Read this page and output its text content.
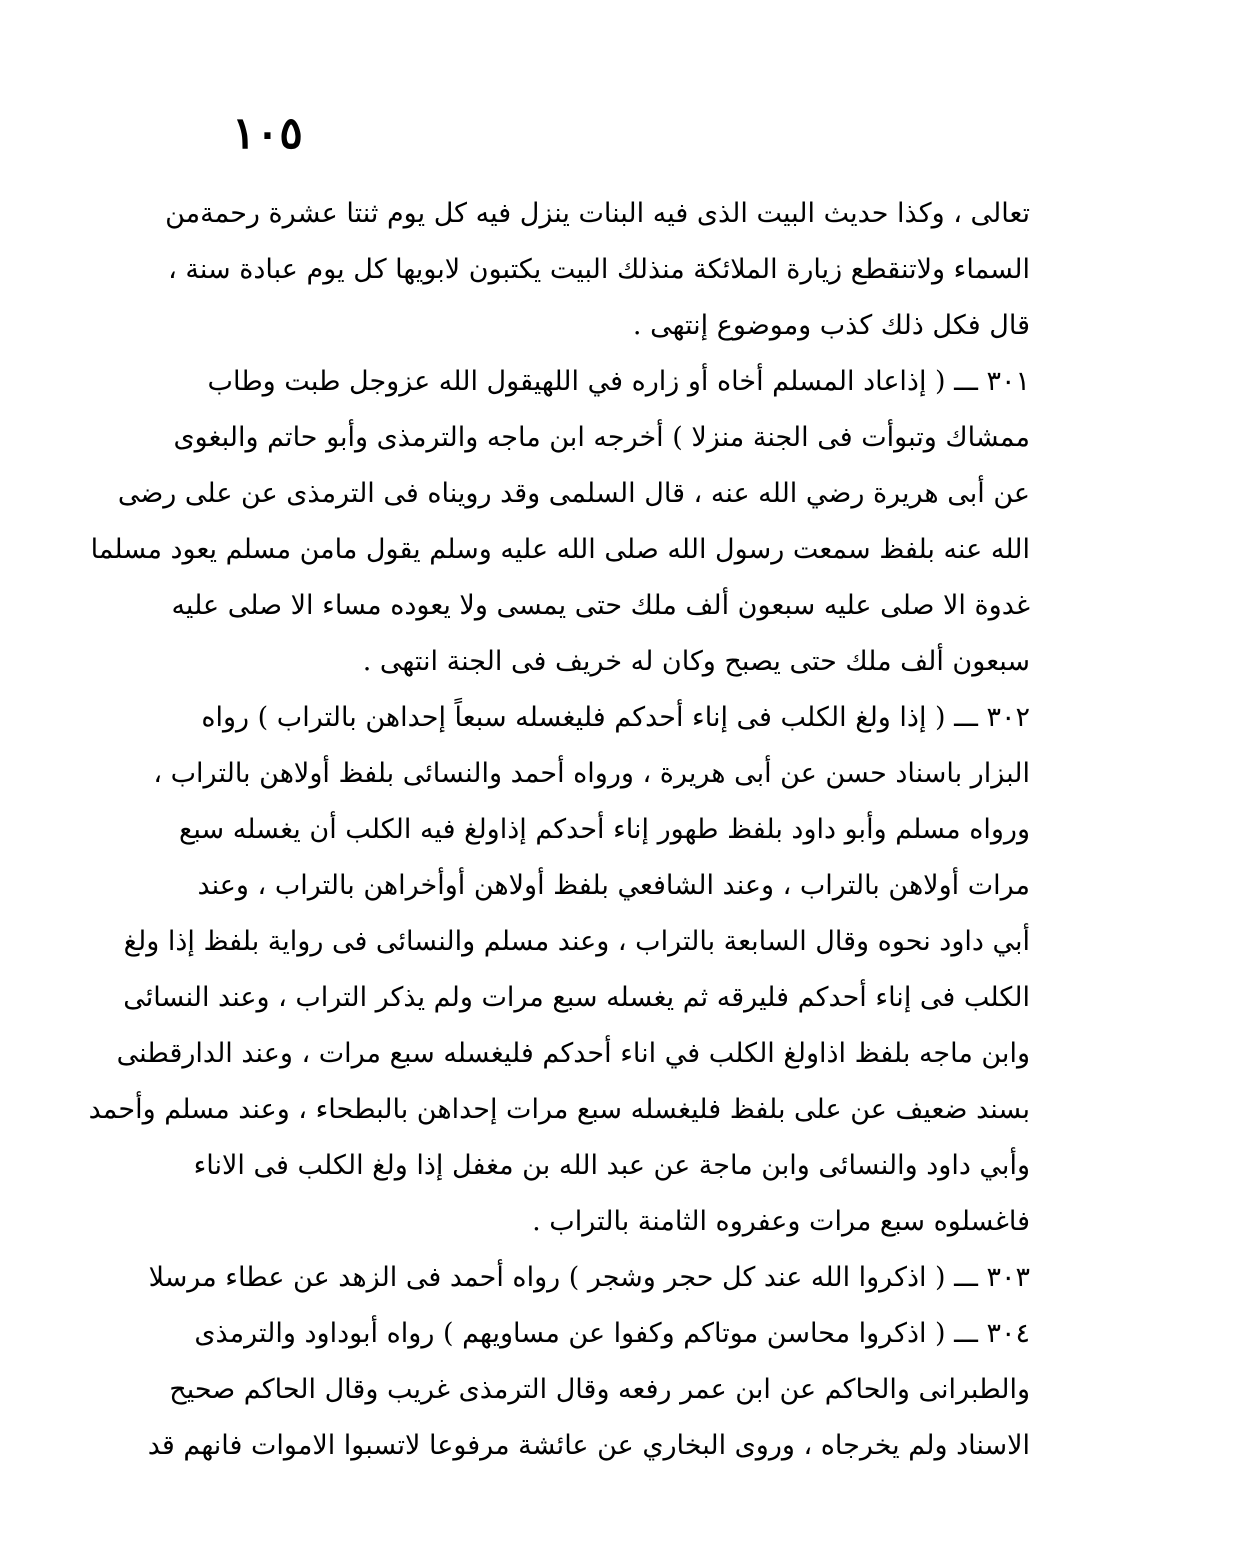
١٠٥
تعالى ، وكذا حديث البيت الذى فيه البنات ينزل فيه كل يوم ثنتا عشرة رحمةمن
السماء ولاتنقطع زيارة الملائكة منذلك البيت يكتبون لابويها كل يوم عبادة سنة ،
قال فكل ذلك كذب وموضوع إنتهى .
٣٠١ ـــ ( إذاعاد المسلم أخاه أو زاره في اللهيقول الله عزوجل طبت وطاب
ممشاك وتبوأت فى الجنة منزلا ) أخرجه ابن ماجه والترمذى وأبو حاتم والبغوى
عن أبى هريرة رضي الله عنه ، قال السلمى وقد رويناه فى الترمذى عن على رضى
الله عنه بلفظ سمعت رسول الله صلى الله عليه وسلم يقول مامن مسلم يعود مسلما
غدوة الا صلى عليه سبعون ألف ملك حتى يمسى ولا يعوده مساء الا صلى عليه
سبعون ألف ملك حتى يصبح وكان له خريف فى الجنة انتهى .
٣٠٢ ـــ ( إذا ولغ الكلب فى إناء أحدكم فليغسله سبعاً إحداهن بالتراب ) رواه
البزار باسناد حسن عن أبى هريرة ، ورواه أحمد والنسائى بلفظ أولاهن بالتراب ،
ورواه مسلم وأبو داود بلفظ طهور إناء أحدكم إذاولغ فيه الكلب أن يغسله سبع
مرات أولاهن بالتراب ، وعند الشافعي بلفظ أولاهن أوأخراهن بالتراب ، وعند
أبي داود نحوه وقال السابعة بالتراب ، وعند مسلم والنسائى فى رواية بلفظ إذا ولغ
الكلب فى إناء أحدكم فليرقه ثم يغسله سبع مرات ولم يذكر التراب ، وعند النسائى
وابن ماجه بلفظ اذاولغ الكلب في اناء أحدكم فليغسله سبع مرات ، وعند الدارقطنى
بسند ضعيف عن على بلفظ فليغسله سبع مرات إحداهن بالبطحاء ، وعند مسلم وأحمد
وأبي داود والنسائى وابن ماجة عن عبد الله بن مغفل إذا ولغ الكلب فى الاناء
فاغسلوه سبع مرات وعفروه الثامنة بالتراب .
٣٠٣ ـــ ( اذكروا الله عند كل حجر وشجر ) رواه أحمد فى الزهد عن عطاء مرسلا
٣٠٤ ـــ ( اذكروا محاسن موتاكم وكفوا عن مساويهم ) رواه أبوداود والترمذى
والطبرانى والحاكم عن ابن عمر رفعه وقال الترمذى غريب وقال الحاكم صحيح
الاسناد ولم يخرجاه ، وروى البخاري عن عائشة مرفوعا لاتسبوا الاموات فانهم قد
